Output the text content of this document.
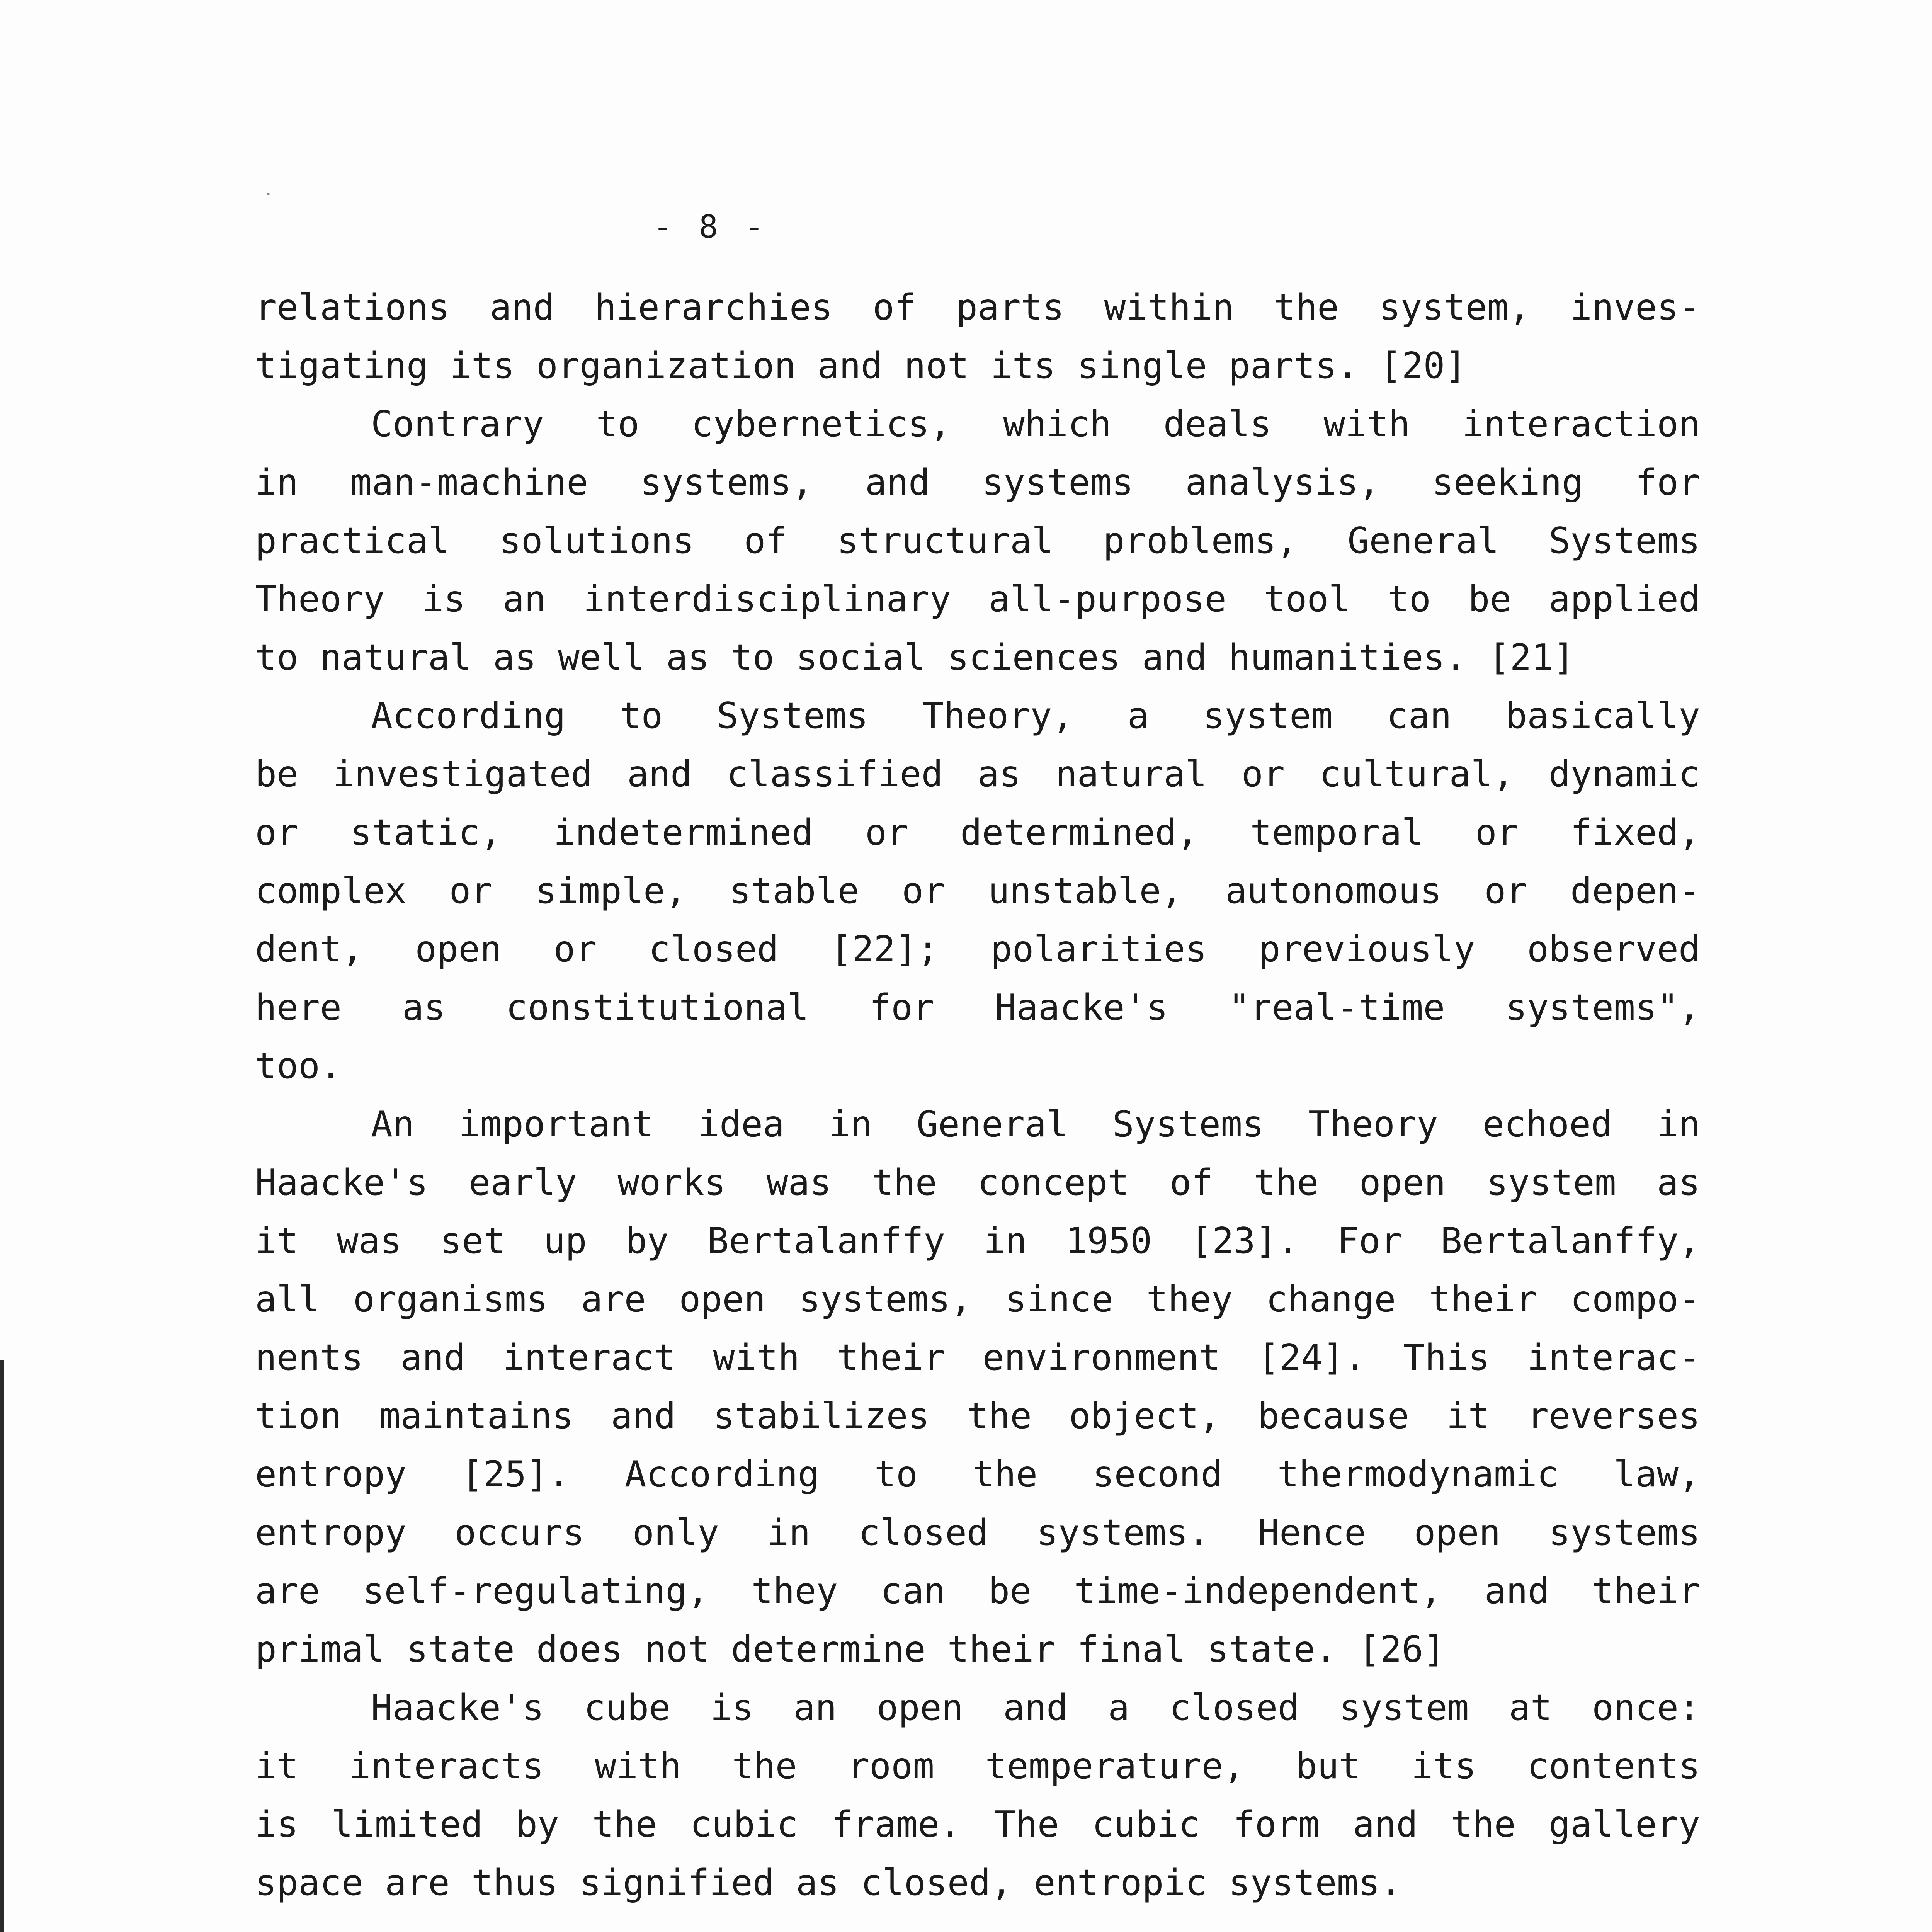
- 8 -
relations and hierarchies of parts within the system, inves-
tigating its organization and not its single parts. [20]
Contrary to cybernetics, which deals with interaction
in man-machine systems, and systems analysis, seeking for
practical solutions of structural problems, General Systems
Theory is an interdisciplinary all-purpose tool to be applied
to natural as well as to social sciences and humanities. [21]
According to Systems Theory, a system can basically
be investigated and classified as natural or cultural, dynamic
or static, indetermined or determined, temporal or fixed,
complex or simple, stable or unstable, autonomous or depen-
dent, open or closed [22]; polarities previously observed
here as constitutional for Haacke's "real-time systems",
too.
An important idea in General Systems Theory echoed in
Haacke's early works was the concept of the open system as
it was set up by Bertalanffy in 1950 [23]. For Bertalanffy,
all organisms are open systems, since they change their compo-
nents and interact with their environment [24]. This interac-
tion maintains and stabilizes the object, because it reverses
entropy [25]. According to the second thermodynamic law,
entropy occurs only in closed systems. Hence open systems
are self-regulating, they can be time-independent, and their
primal state does not determine their final state. [26]
Haacke's cube is an open and a closed system at once:
it interacts with the room temperature, but its contents
is limited by the cubic frame. The cubic form and the gallery
space are thus signified as closed, entropic systems.
